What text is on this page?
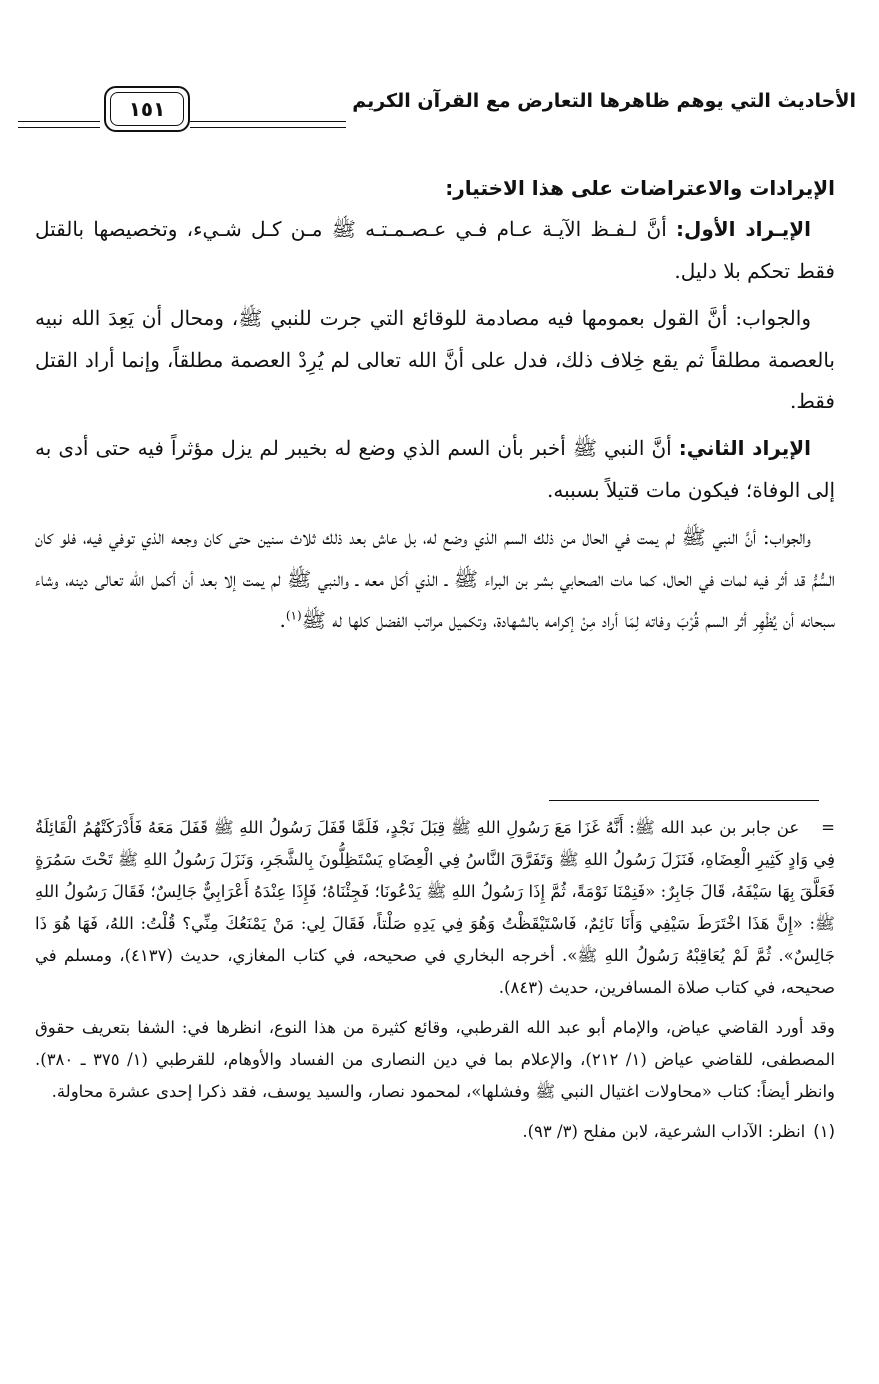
الأحاديث التي يوهم ظاهرها التعارض مع القرآن الكريم
١٥١

الإيرادات والاعتراضات على هذا الاختيار:

الإيـراد الأول: أنَّ لـفـظ الآيـة عـام فـي عـصـمـتـه ﷺ مـن كـل شـيء، وتخصيصها بالقتل فقط تحكم بلا دليل.

والجواب: أنَّ القول بعمومها فيه مصادمة للوقائع التي جرت للنبي ﷺ، ومحال أن يَعِدَ الله نبيه بالعصمة مطلقاً ثم يقع خِلاف ذلك، فدل على أنَّ الله تعالى لم يُرِدْ العصمة مطلقاً، وإنما أراد القتل فقط.

الإيراد الثاني: أنَّ النبي ﷺ أخبر بأن السم الذي وضع له بخيبر لم يزل مؤثراً فيه حتى أدى به إلى الوفاة؛ فيكون مات قتيلاً بسببه.

والجواب: أنَّ النبي ﷺ لم يمت في الحال من ذلك السم الذي وضع له، بل عاش بعد ذلك ثلاث سنين حتى كان وجعه الذي توفي فيه، فلو كان السُّمُّ قد أثر فيه لمات في الحال، كما مات الصحابي بشر بن البراء ﷺ ـ الذي أكل معه ـ والنبي ﷺ لم يمت إلا بعد أن أكمل الله تعالى دينه، وشاء سبحانه أن يُظْهِر أثر السم قُرْبَ وفاته لِمَا أراد مِنْ إكرامه بالشهادة، وتكميل مراتب الفضل كلها له ﷺ$^{(١)}$.

=عن جابر بن عبد الله ﷺ: أَنَّهُ غَزَا مَعَ رَسُولِ اللهِ ﷺ قِبَلَ نَجْدٍ، فَلَمَّا قَفَلَ رَسُولُ اللهِ ﷺ قَفَلَ مَعَهُ فَأَدْرَكَتْهُمُ الْقَائِلَةُ فِي وَادٍ كَثِيرِ الْعِضَاهِ، فَنَزَلَ رَسُولُ اللهِ ﷺ وَتَفَرَّقَ النَّاسُ فِي الْعِضَاهِ يَسْتَظِلُّونَ بِالشَّجَرِ، وَنَزَلَ رَسُولُ اللهِ ﷺ تَحْتَ سَمُرَةٍ فَعَلَّقَ بِهَا سَيْفَهُ، قَالَ جَابِرٌ: «فَنِمْنَا نَوْمَةً، ثُمَّ إِذَا رَسُولُ اللهِ ﷺ يَدْعُونَا؛ فَجِئْنَاهُ؛ فَإِذَا عِنْدَهُ أَعْرَابِيٌّ جَالِسٌ؛ فَقَالَ رَسُولُ اللهِ ﷺ: «إِنَّ هَذَا اخْتَرَطَ سَيْفِي وَأَنَا نَائِمٌ، فَاسْتَيْقَظْتُ وَهُوَ فِي يَدِهِ صَلْتاً، فَقَالَ لِي: مَنْ يَمْنَعُكَ مِنِّي؟ قُلْتُ: اللهُ، فَهَا هُوَ ذَا جَالِسٌ». ثُمَّ لَمْ يُعَاقِبْهُ رَسُولُ اللهِ ﷺ». أخرجه البخاري في صحيحه، في كتاب المغازي، حديث (٤١٣٧)، ومسلم في صحيحه، في كتاب صلاة المسافرين، حديث (٨٤٣).

وقد أورد القاضي عياض، والإمام أبو عبد الله القرطبي، وقائع كثيرة من هذا النوع، انظرها في: الشفا بتعريف حقوق المصطفى، للقاضي عياض (١/ ٢١٢)، والإعلام بما في دين النصارى من الفساد والأوهام، للقرطبي (١/ ٣٧٥ ـ ٣٨٠). وانظر أيضاً: كتاب «محاولات اغتيال النبي ﷺ وفشلها»، لمحمود نصار، والسيد يوسف، فقد ذكرا إحدى عشرة محاولة.

(١)انظر: الآداب الشرعية، لابن مفلح (٣/ ٩٣).
